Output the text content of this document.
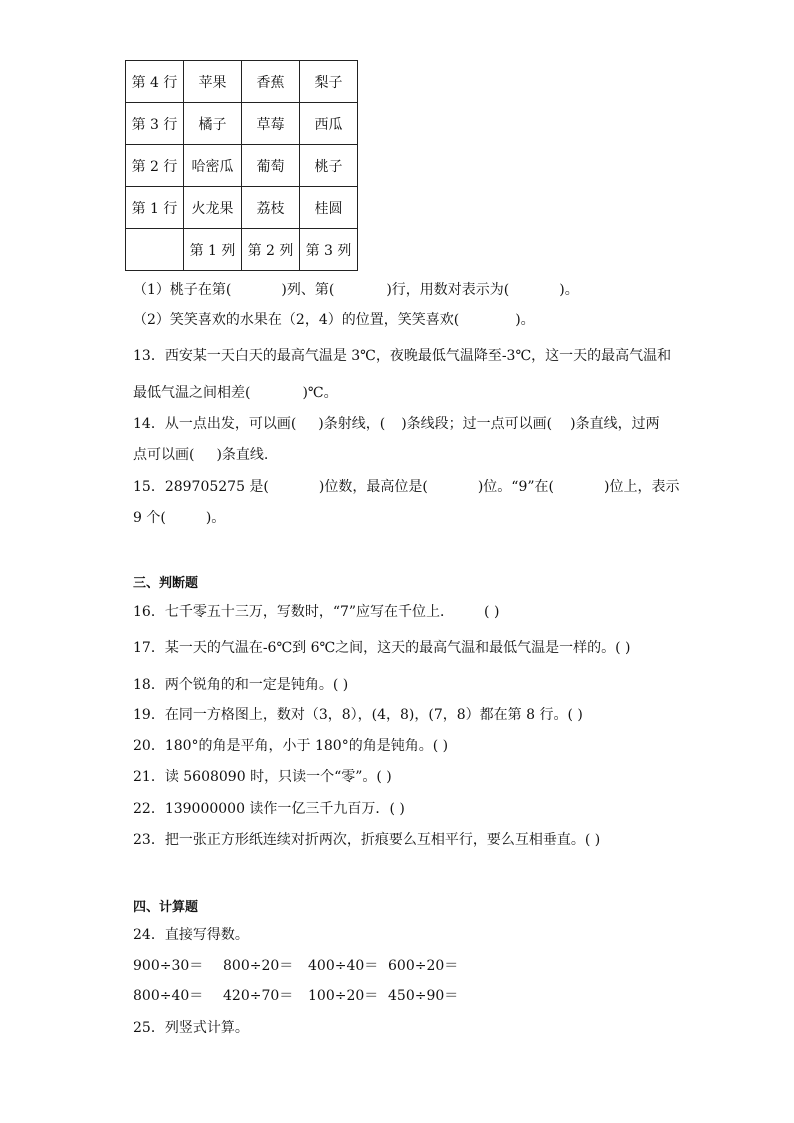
第 4 行	苹果	香蕉	梨子
第 3 行	橘子	草莓	西瓜
第 2 行	哈密瓜	葡萄	桃子
第 1 行	火龙果	荔枝	桂圆
	第 1 列	第 2 列	第 3 列
（1）桃子在第(	)列、第(	)行，用数对表示为(	)。
（2）笑笑喜欢的水果在（2，4）的位置，笑笑喜欢(	)。
13．西安某一天白天的最高气温是 3℃，夜晚最低气温降至-3℃，这一天的最高气温和
最低气温之间相差(	)℃。
14．从一点出发，可以画( )条射线，( )条线段；过一点可以画( )条直线，过两
点可以画( )条直线.
15．289705275 是(	)位数，最高位是(	)位。“9”在(	)位上，表示
9 个(	)。
三、判断题
16．七千零五十三万，写数时，“7”应写在千位上． ( )
17．某一天的气温在-6℃到 6℃之间，这天的最高气温和最低气温是一样的。( )
18．两个锐角的和一定是钝角。( )
19．在同一方格图上，数对（3，8），(4，8)，(7，8）都在第 8 行。( )
20．180°的角是平角，小于 180°的角是钝角。( )
21．读 5608090 时，只读一个“零”。( )
22．139000000 读作一亿三千九百万．( )
23．把一张正方形纸连续对折两次，折痕要么互相平行，要么互相垂直。( )
四、计算题
24．直接写得数。
900÷30＝ 800÷20＝ 400÷40＝ 600÷20＝
800÷40＝ 420÷70＝ 100÷20＝ 450÷90＝
25．列竖式计算。
